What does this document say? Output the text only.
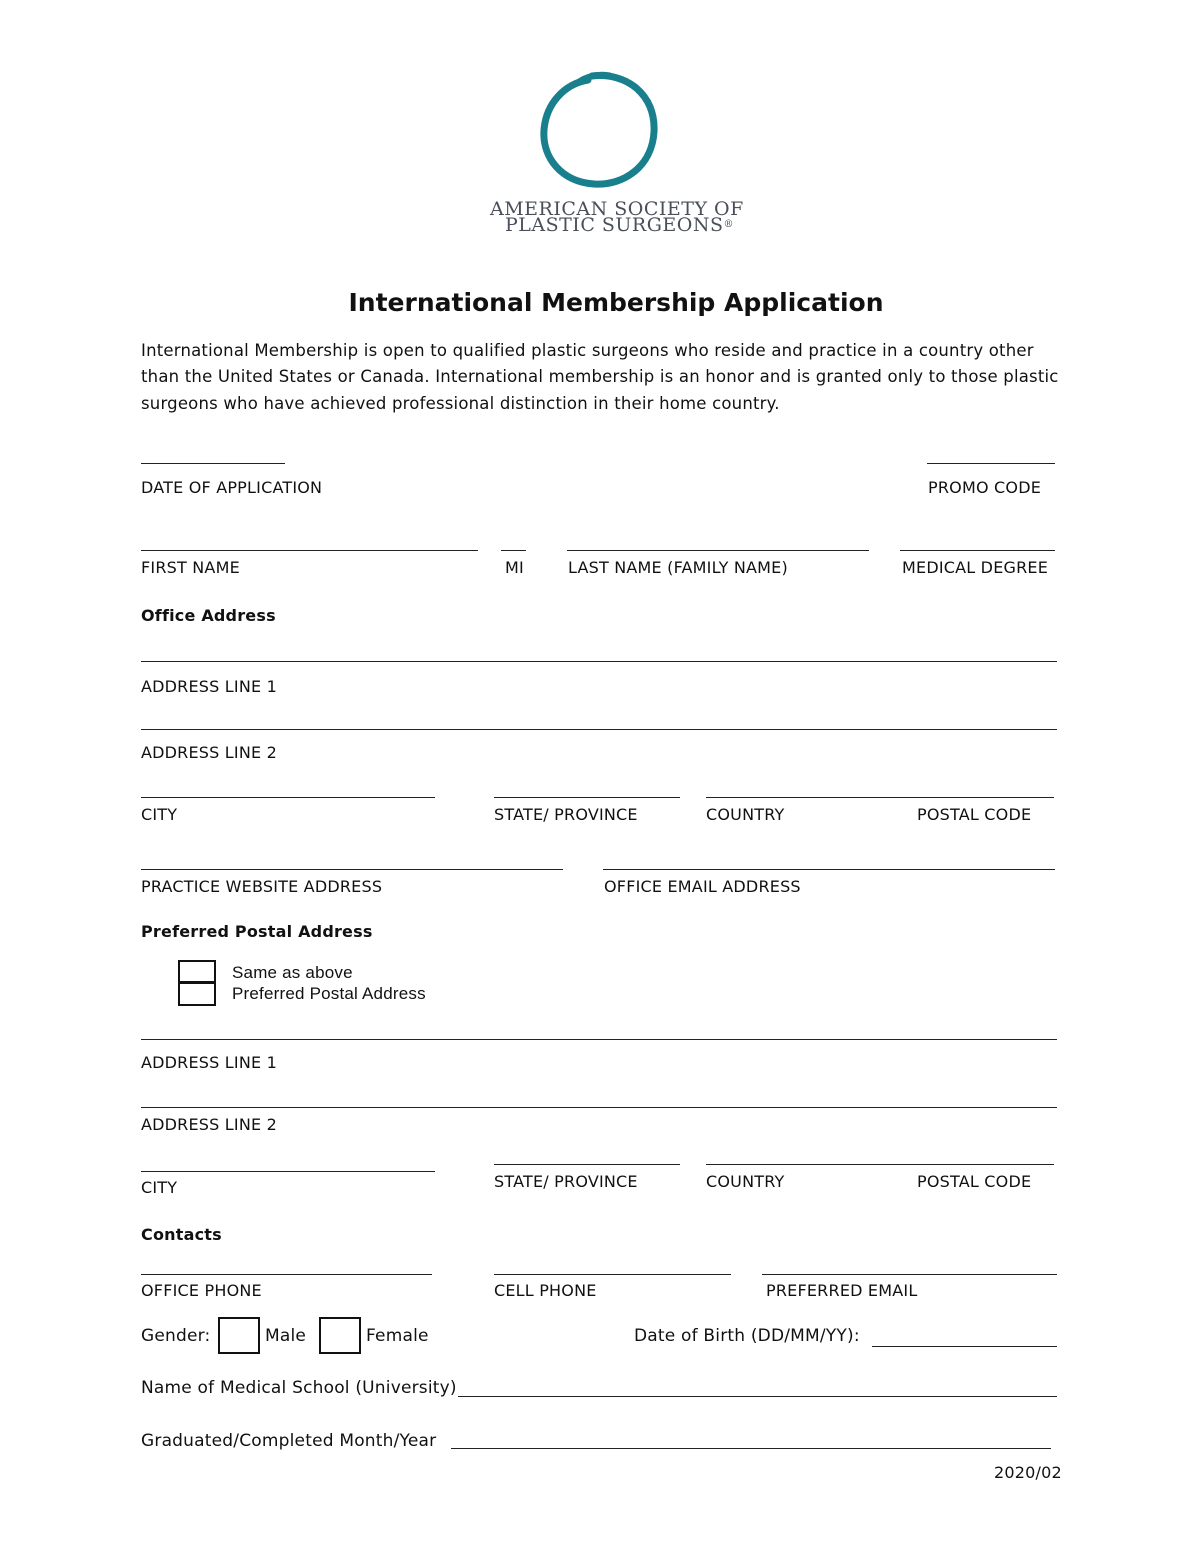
AMERICAN SOCIETY OF
PLASTIC SURGEONS®
International Membership Application
International Membership is open to qualified plastic surgeons who reside and practice in a country other
than the United States or Canada. International membership is an honor and is granted only to those plastic
surgeons who have achieved professional distinction in their home country.
DATE OF APPLICATION	PROMO CODE
FIRST NAME	MI	LAST NAME (FAMILY NAME)	MEDICAL DEGREE
Office Address
ADDRESS LINE 1
ADDRESS LINE 2
CITY	STATE/ PROVINCE	COUNTRY	POSTAL CODE
PRACTICE WEBSITE ADDRESS	OFFICE EMAIL ADDRESS
Preferred Postal Address
Same as above
Preferred Postal Address
ADDRESS LINE 1
ADDRESS LINE 2
CITY	STATE/ PROVINCE	COUNTRY	POSTAL CODE
Contacts
OFFICE PHONE	CELL PHONE	PREFERRED EMAIL
Gender:	Male	Female	Date of Birth (DD/MM/YY):
Name of Medical School (University)
Graduated/Completed Month/Year
2020/02
